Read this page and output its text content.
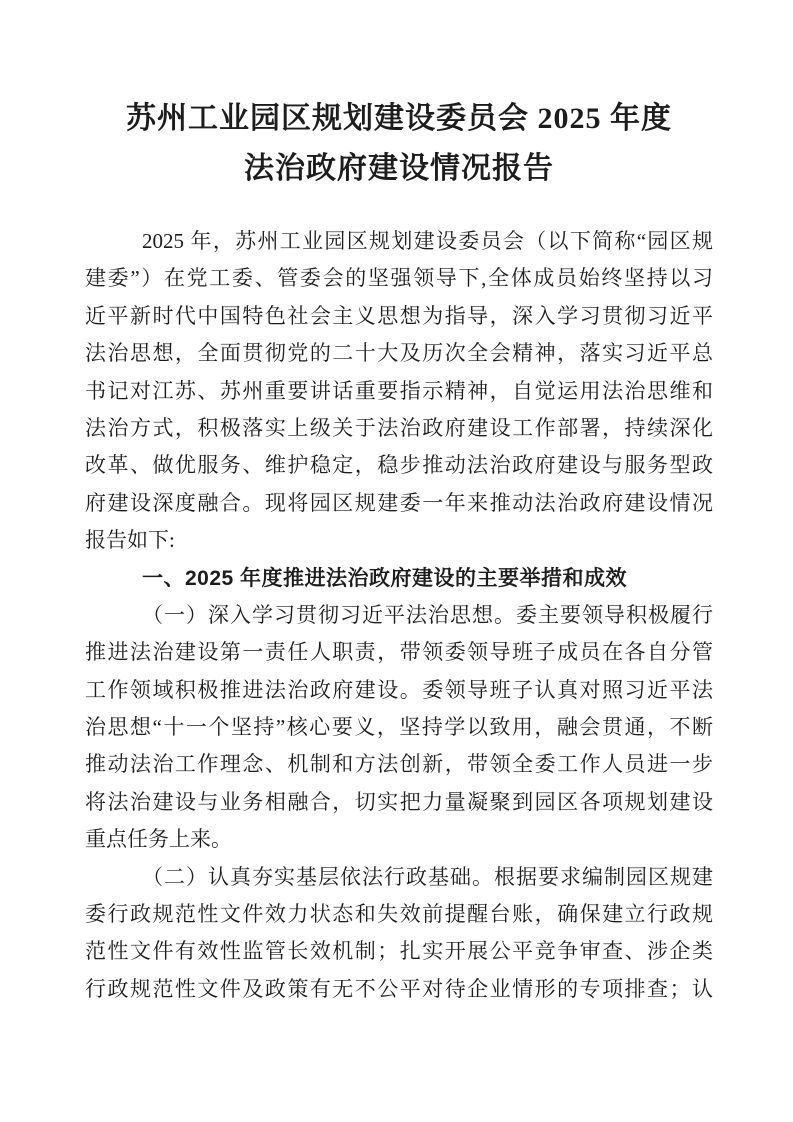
苏州工业园区规划建设委员会 2025 年度
法治政府建设情况报告
2025 年，苏州工业园区规划建设委员会（以下简称“园区规
建委”）在党工委、管委会的坚强领导下,全体成员始终坚持以习
近平新时代中国特色社会主义思想为指导，深入学习贯彻习近平
法治思想，全面贯彻党的二十大及历次全会精神，落实习近平总
书记对江苏、苏州重要讲话重要指示精神，自觉运用法治思维和
法治方式，积极落实上级关于法治政府建设工作部署，持续深化
改革、做优服务、维护稳定，稳步推动法治政府建设与服务型政
府建设深度融合。现将园区规建委一年来推动法治政府建设情况
报告如下:
一、2025 年度推进法治政府建设的主要举措和成效
（一）深入学习贯彻习近平法治思想。委主要领导积极履行
推进法治建设第一责任人职责，带领委领导班子成员在各自分管
工作领域积极推进法治政府建设。委领导班子认真对照习近平法
治思想“十一个坚持”核心要义，坚持学以致用，融会贯通，不断
推动法治工作理念、机制和方法创新，带领全委工作人员进一步
将法治建设与业务相融合，切实把力量凝聚到园区各项规划建设
重点任务上来。
（二）认真夯实基层依法行政基础。根据要求编制园区规建
委行政规范性文件效力状态和失效前提醒台账，确保建立行政规
范性文件有效性监管长效机制；扎实开展公平竞争审查、涉企类
行政规范性文件及政策有无不公平对待企业情形的专项排查；认
